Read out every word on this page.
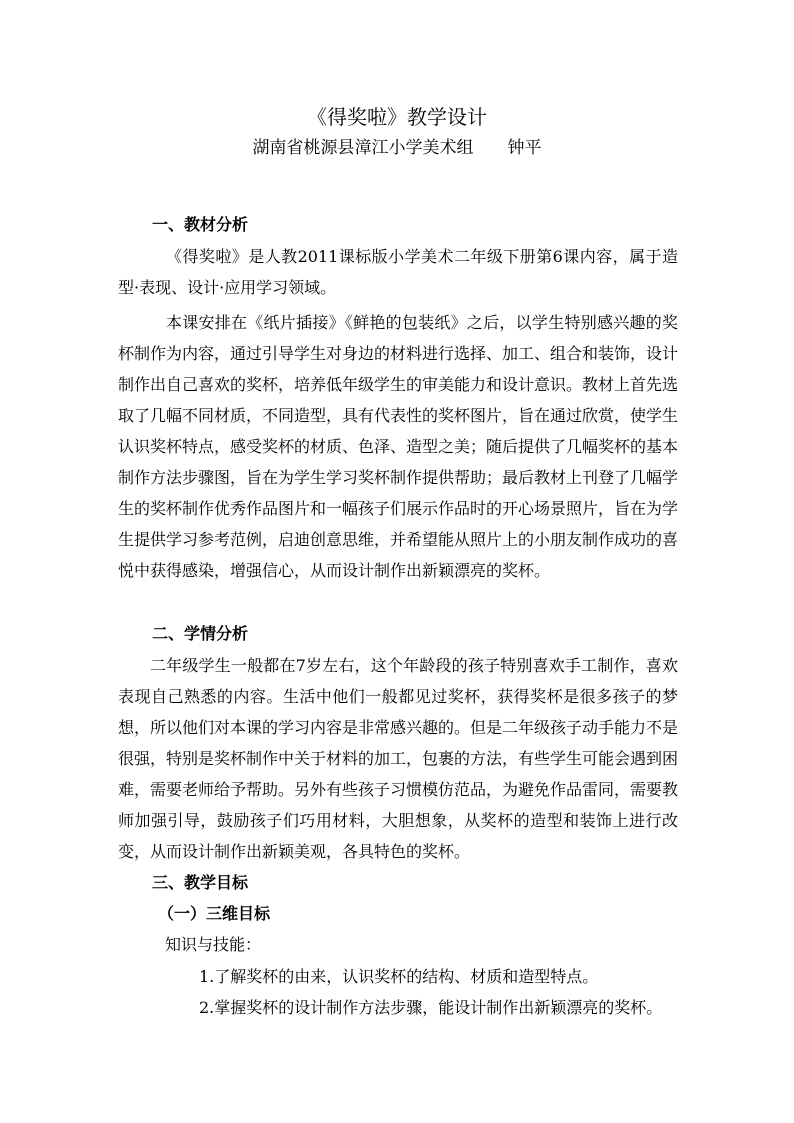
《得奖啦》教学设计
湖南省桃源县漳江小学美术组 钟平
一、教材分析

《得奖啦》是人教2011课标版小学美术二年级下册第6课内容，属于造型·表现、设计·应用学习领域。

本课安排在《纸片插接》《鲜艳的包装纸》之后，以学生特别感兴趣的奖杯制作为内容，通过引导学生对身边的材料进行选择、加工、组合和装饰，设计制作出自己喜欢的奖杯，培养低年级学生的审美能力和设计意识。教材上首先选取了几幅不同材质，不同造型，具有代表性的奖杯图片，旨在通过欣赏，使学生认识奖杯特点，感受奖杯的材质、色泽、造型之美；随后提供了几幅奖杯的基本制作方法步骤图，旨在为学生学习奖杯制作提供帮助；最后教材上刊登了几幅学生的奖杯制作优秀作品图片和一幅孩子们展示作品时的开心场景照片，旨在为学生提供学习参考范例，启迪创意思维，并希望能从照片上的小朋友制作成功的喜悦中获得感染，增强信心，从而设计制作出新颖漂亮的奖杯。

二、学情分析

二年级学生一般都在7岁左右，这个年龄段的孩子特别喜欢手工制作，喜欢表现自己熟悉的内容。生活中他们一般都见过奖杯，获得奖杯是很多孩子的梦想，所以他们对本课的学习内容是非常感兴趣的。但是二年级孩子动手能力不是很强，特别是奖杯制作中关于材料的加工，包裹的方法，有些学生可能会遇到困难，需要老师给予帮助。另外有些孩子习惯模仿范品，为避免作品雷同，需要教师加强引导，鼓励孩子们巧用材料，大胆想象，从奖杯的造型和装饰上进行改变，从而设计制作出新颖美观，各具特色的奖杯。

三、教学目标
（一）三维目标
知识与技能：
1.了解奖杯的由来，认识奖杯的结构、材质和造型特点。
2.掌握奖杯的设计制作方法步骤，能设计制作出新颖漂亮的奖杯。
